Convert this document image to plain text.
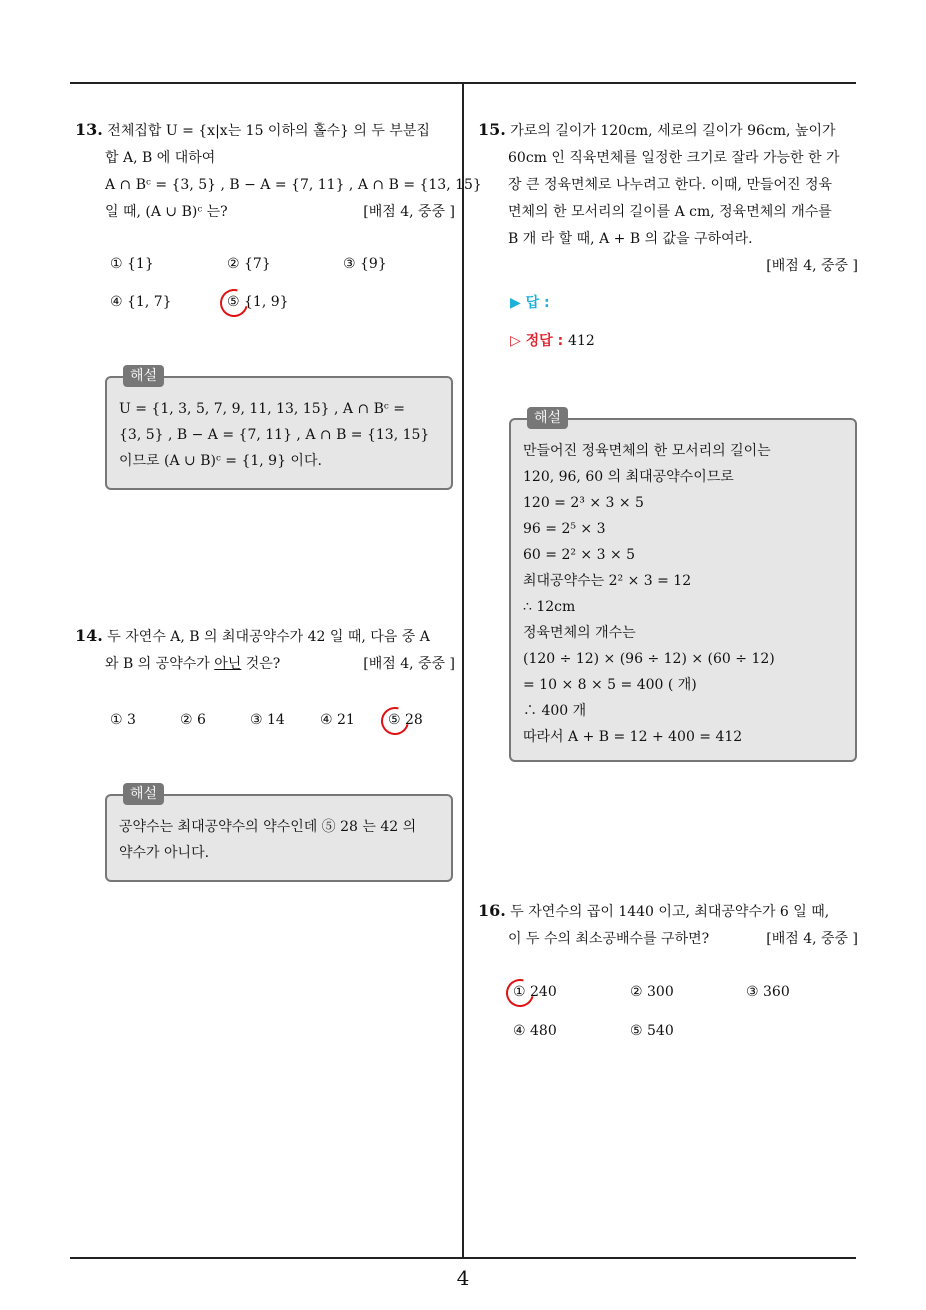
13. 전체집합 U = {x|x는 15 이하의 홀수} 의 두 부분집
합 A, B 에 대하여
A ∩ Bᶜ = {3, 5} , B − A = {7, 11} , A ∩ B = {13, 15}
일 때, (A ∪ B)ᶜ 는?	[배점 4, 중중 ]
① {1}	② {7}	③ {9}
④ {1, 7}	⑤ {1, 9}
해설
U = {1, 3, 5, 7, 9, 11, 13, 15} , A ∩ Bᶜ =
{3, 5} , B − A = {7, 11} , A ∩ B = {13, 15}
이므로 (A ∪ B)ᶜ = {1, 9} 이다.
14. 두 자연수 A, B 의 최대공약수가 42 일 때, 다음 중 A
와 B 의 공약수가 아닌 것은?	[배점 4, 중중 ]
① 3	② 6	③ 14	④ 21 ⑤ 28
해설
공약수는 최대공약수의 약수인데 ⑤ 28 는 42 의
약수가 아니다.
15. 가로의 길이가 120cm, 세로의 길이가 96cm, 높이가
60cm 인 직육면체를 일정한 크기로 잘라 가능한 한 가
장 큰 정육면체로 나누려고 한다. 이때, 만들어진 정육
면체의 한 모서리의 길이를 A cm, 정육면체의 개수를
B 개 라 할 때, A + B 의 값을 구하여라.
[배점 4, 중중 ]
▶ 답 :
▷ 정답 : 412
해설
만들어진 정육면체의 한 모서리의 길이는
120, 96, 60 의 최대공약수이므로
120 = 2³ × 3 × 5
96 = 2⁵ × 3
60 = 2² × 3 × 5
최대공약수는 2² × 3 = 12
∴ 12cm
정육면체의 개수는
(120 ÷ 12) × (96 ÷ 12) × (60 ÷ 12)
= 10 × 8 × 5 = 400 ( 개)
∴ 400 개
따라서 A + B = 12 + 400 = 412
16. 두 자연수의 곱이 1440 이고, 최대공약수가 6 일 때,
이 두 수의 최소공배수를 구하면?	[배점 4, 중중 ]
① 240	② 300	③ 360
④ 480	⑤ 540
4
